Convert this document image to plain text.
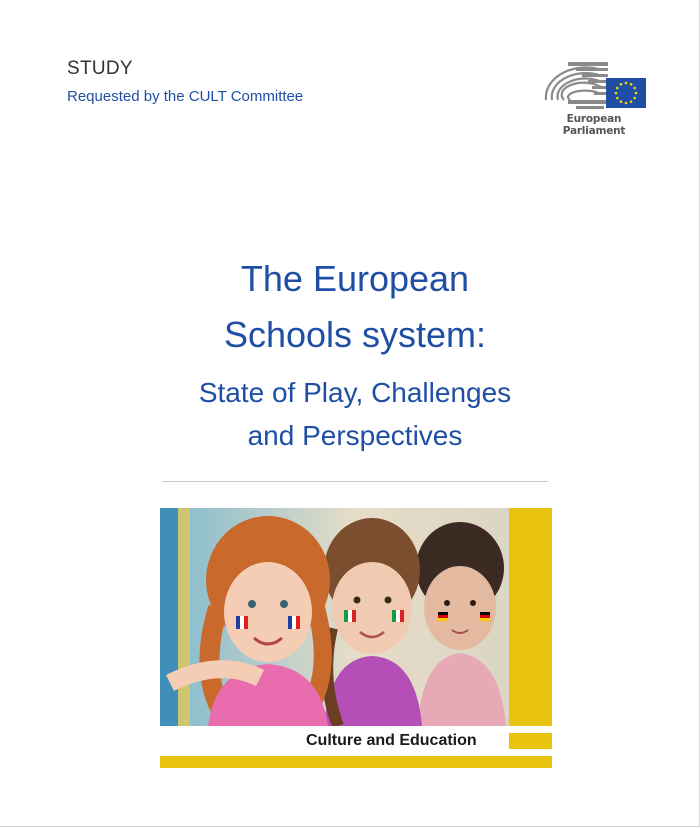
STUDY
Requested by the CULT Committee
European Parliament
The European
Schools system:
State of Play, Challenges
and Perspectives
Culture and Education
